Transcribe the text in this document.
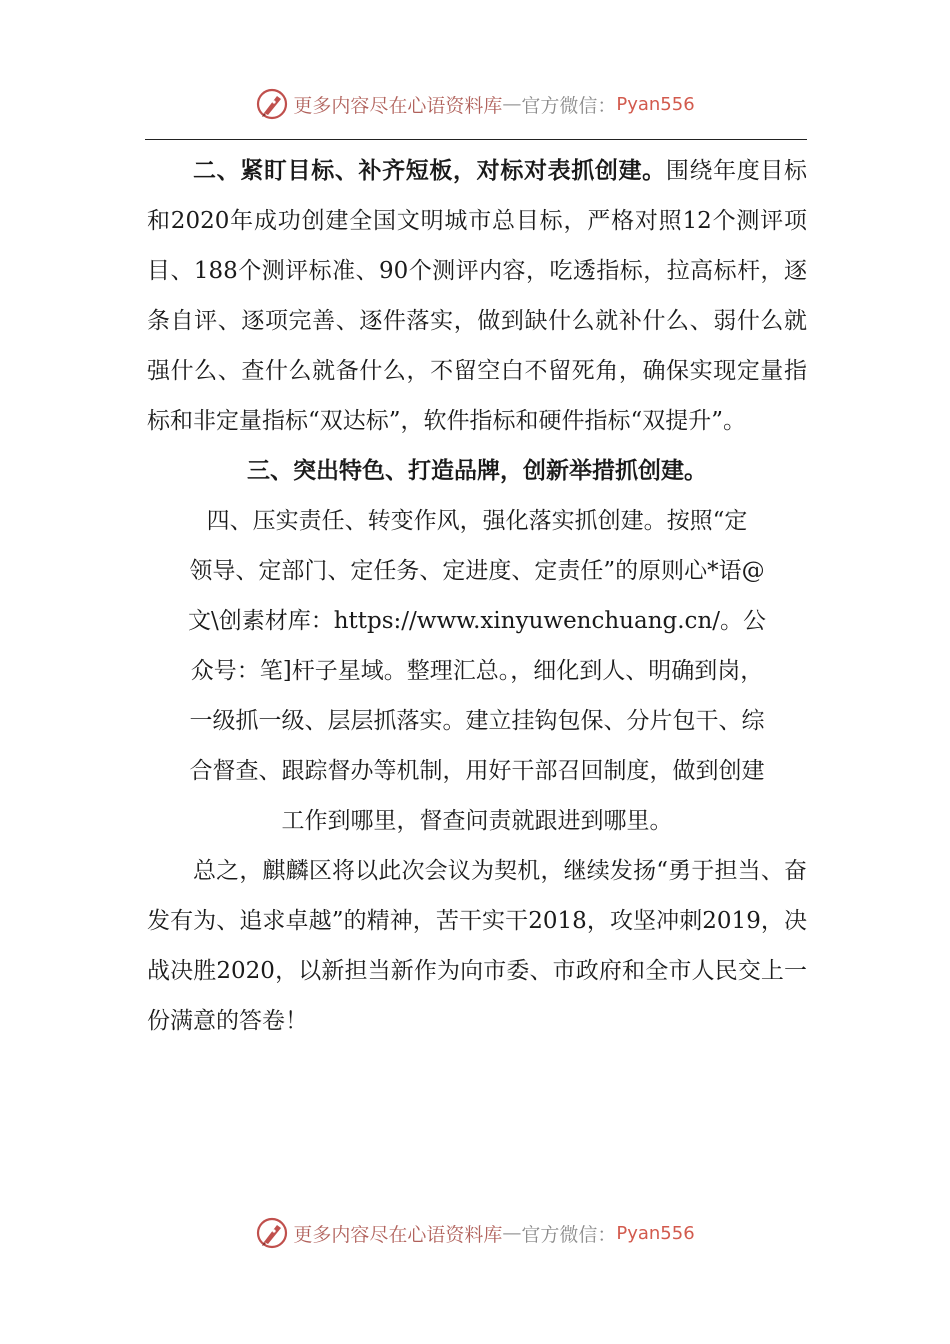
更多内容尽在心语资料库 — 官方微信： Pyan556

二、紧盯目标、补齐短板，对标对表抓创建。围绕年度目标和2020年成功创建全国文明城市总目标，严格对照12个测评项目、188个测评标准、90个测评内容，吃透指标，拉高标杆，逐条自评、逐项完善、逐件落实，做到缺什么就补什么、弱什么就强什么、查什么就备什么，不留空白不留死角，确保实现定量指标和非定量指标“双达标”，软件指标和硬件指标“双提升”。

三、突出特色、打造品牌，创新举措抓创建。

四、压实责任、转变作风，强化落实抓创建。按照“定

领导、定部门、定任务、定进度、定责任”的原则心*语@

文\创素材库：https://www.xinyuwenchuang.cn/。公

众号：笔]杆子星域。整理汇总。，细化到人、明确到岗，

一级抓一级、层层抓落实。建立挂钩包保、分片包干、综

合督查、跟踪督办等机制，用好干部召回制度，做到创建

工作到哪里，督查问责就跟进到哪里。

总之，麒麟区将以此次会议为契机，继续发扬“勇于担当、奋发有为、追求卓越”的精神，苦干实干2018，攻坚冲刺2019，决战决胜2020，以新担当新作为向市委、市政府和全市人民交上一份满意的答卷！

更多内容尽在心语资料库 — 官方微信： Pyan556
